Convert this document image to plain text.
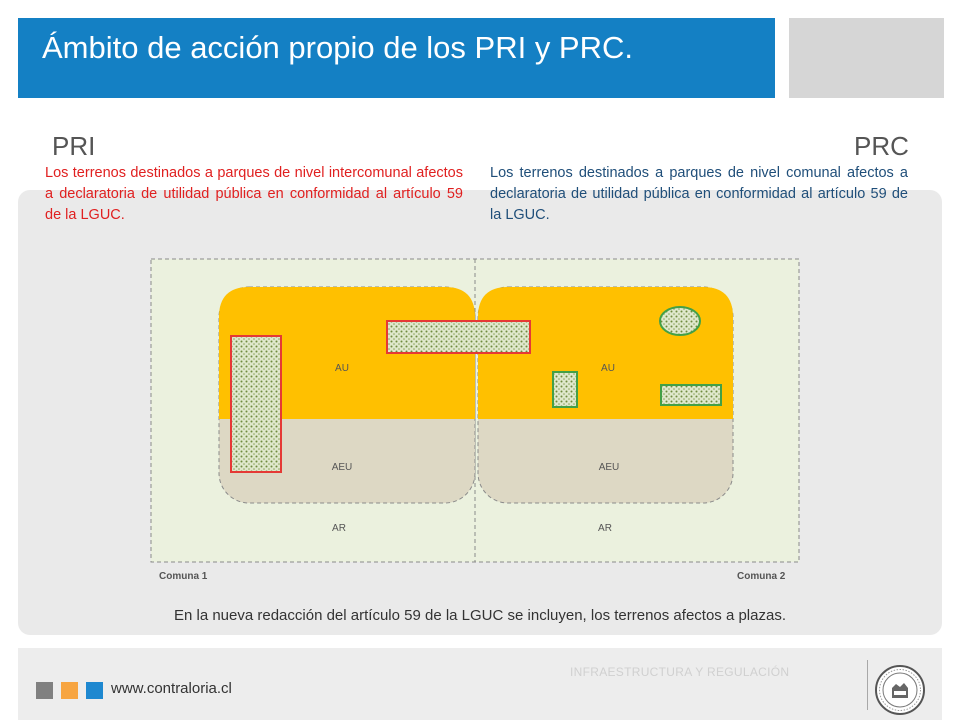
Ámbito de acción propio de los PRI y PRC.
PRI	PRC
Los terrenos destinados a parques de nivel intercomunal afectos a declaratoria de utilidad pública en conformidad al artículo 59 de la LGUC.
Los terrenos destinados a parques de nivel comunal afectos a declaratoria de utilidad pública en conformidad al artículo 59 de la LGUC.
AU	AU
AEU	AEU
AR	AR
Comuna 1	Comuna 2
En la nueva redacción del artículo 59 de la LGUC se incluyen, los terrenos afectos a plazas.
www.contraloria.cl
INFRAESTRUCTURA Y REGULACIÓN
